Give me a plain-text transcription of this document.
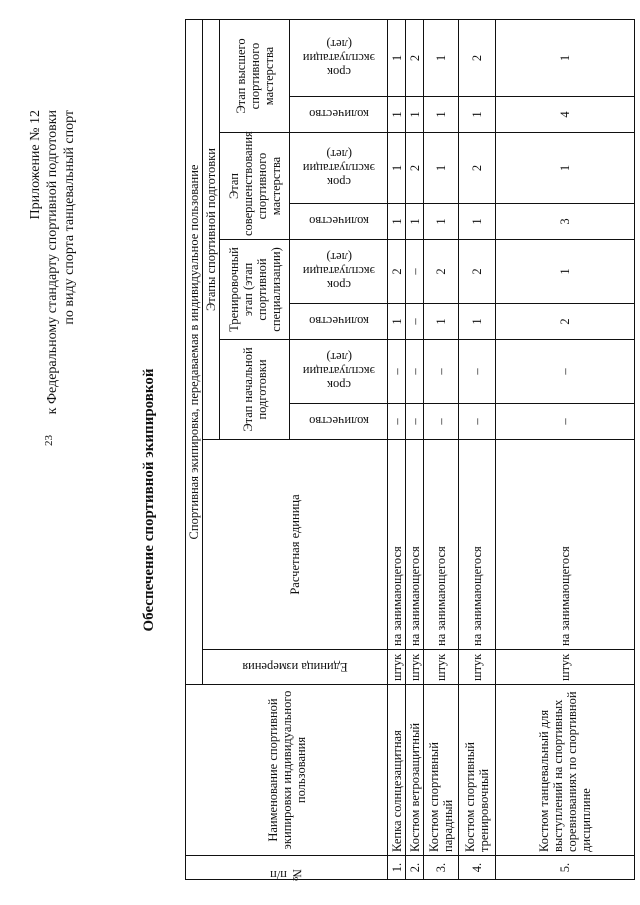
23
Приложение № 12 к Федеральному стандарту спортивной подготовки по виду спорта танцевальный спорт
Обеспечение спортивной экипировкой
№ п/п	Наименование спортивной экипировки индивидуального пользования	Спортивная экипировка, передаваемая в индивидуальное пользование									

		Единица измерения	Расчетная единица	Этапы спортивной подготовки							
				Этап начальной подготовки		Тренировочный этап (этап спортивной специализации)		Этап совершенствования спортивного мастерства		Этап высшего спортивного мастерства	

				количество	срок эксплуатации (лет)	количество	срок эксплуатации (лет)	количество	срок эксплуатации (лет)	количество	срок эксплуатации (лет)

1.	Кепка солнцезащитная	штук	на занимающегося	–	–	1	2	1	1	1	1
2.	Костюм ветрозащитный	штук	на занимающегося	–	–	–	–	1	2	1	2
3.	Костюм спортивный парадный	штук	на занимающегося	–	–	1	2	1	1	1	1
4.	Костюм спортивный тренировочный	штук	на занимающегося	–	–	1	2	1	2	1	2
5.	Костюм танцевальный для выступлений на спортивных соревнованиях по спортивной дисциплине	штук	на занимающегося	–	–	2	1	3	1	4	1
